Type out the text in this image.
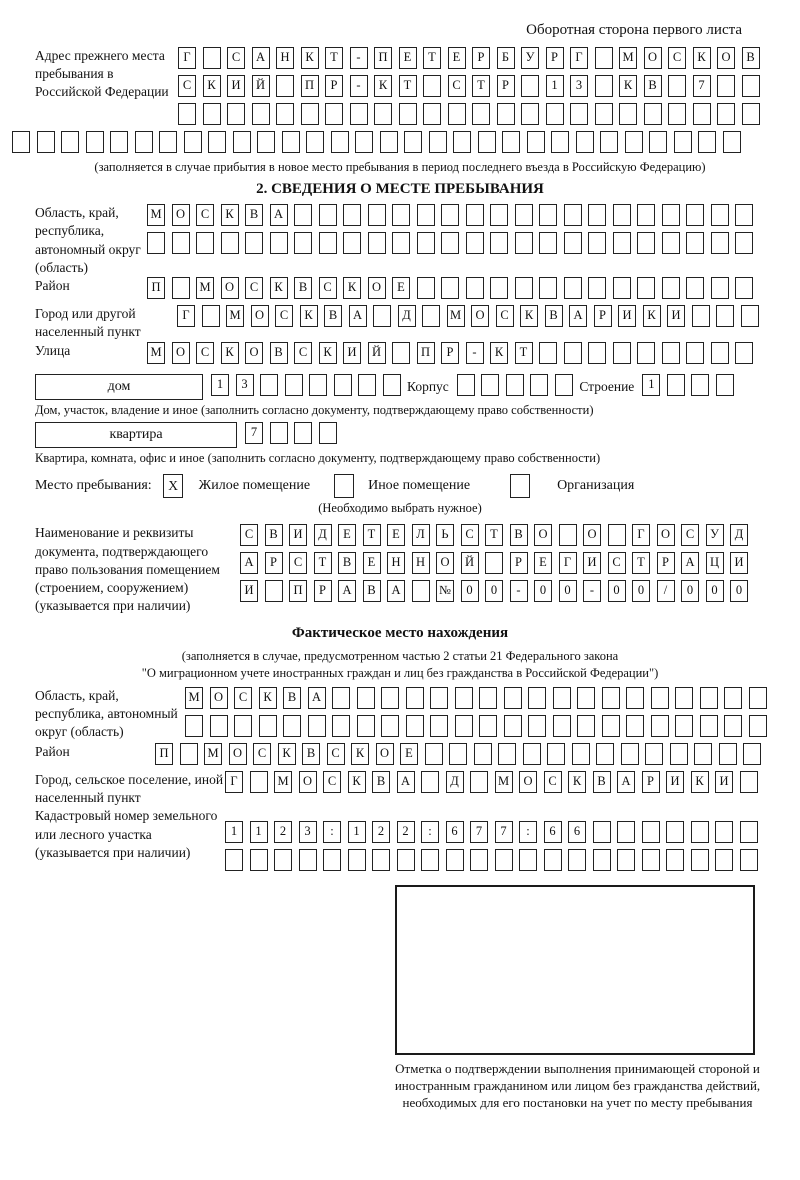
Оборотная сторона первого листа
Адрес прежнего места пребывания в Российской Федерации
Г	С А Н К Т - П Е Т Е Р Б У Р Г	М О С К О В
С К И Й	П Р - К Т	С Т Р	1 3	К В	7
(заполняется в случае прибытия в новое место пребывания в период последнего въезда в Российскую Федерацию)
2. СВЕДЕНИЯ О МЕСТЕ ПРЕБЫВАНИЯ
Область, край, республика, автономный округ (область)
М О С К В А
Район	П	М О С К В С К О Е
Город или другой населенный пункт
Г	М О С К В А	Д	М О С К В А Р И К И
Улица	М О С К О В С К И Й	П Р - К Т
дом	1 3	Корпус	Строение	1
Дом, участок, владение и иное (заполнить согласно документу, подтверждающему право собственности)
квартира	7
Квартира, комната, офис и иное (заполнить согласно документу, подтверждающему право собственности)
Место пребывания: X Жилое помещение	Иное помещение	Организация
(Необходимо выбрать нужное)
Наименование и реквизиты документа, подтверждающего право пользования помещением (строением, сооружением) (указывается при наличии)
С В И Д Е Т Е Л Ь С Т В О	О	Г О С У Д
А Р С Т В Е Н Н О Й	Р Е Г И С Т Р А Ц И
И	П Р А В А	№ 0 0 - 0 0 - 0 0 / 0 0 0
Фактическое место нахождения
(заполняется в случае, предусмотренном частью 2 статьи 21 Федерального закона
"О миграционном учете иностранных граждан и лиц без гражданства в Российской Федерации")
Область, край, республика, автономный округ (область)
М О С К В А
Район	П	М О С К В С К О Е
Город, сельское поселение, иной населенный пункт
Г	М О С К В А	Д	М О С К В А Р И К И
Кадастровый номер земельного или лесного участка (указывается при наличии)
1 1 2 3 : 1 2 2 : 6 7 7 : 6 6
Отметка о подтверждении выполнения принимающей стороной и иностранным гражданином или лицом без гражданства действий, необходимых для его постановки на учет по месту пребывания
